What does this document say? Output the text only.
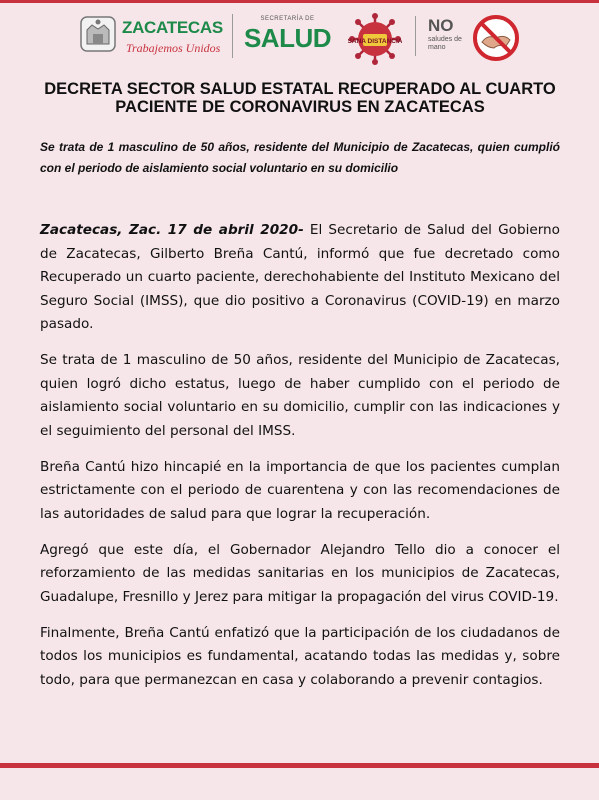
ZACATECAS
Trabajemos Unidos
SECRETARÍA DE
SALUD	SANA DISTANCIA
NO
saludes de mano
DECRETA SECTOR SALUD ESTATAL RECUPERADO AL CUARTO PACIENTE DE CORONAVIRUS EN ZACATECAS
Se trata de 1 masculino de 50 años, residente del Municipio de Zacatecas, quien cumplió con el periodo de aislamiento social voluntario en su domicilio

Zacatecas, Zac. 17 de abril 2020- El Secretario de Salud del Gobierno de Zacatecas, Gilberto Breña Cantú, informó que fue decretado como Recuperado un cuarto paciente, derechohabiente del Instituto Mexicano del Seguro Social (IMSS), que dio positivo a Coronavirus (COVID-19) en marzo pasado.

Se trata de 1 masculino de 50 años, residente del Municipio de Zacatecas, quien logró dicho estatus, luego de haber cumplido con el periodo de aislamiento social voluntario en su domicilio, cumplir con las indicaciones y el seguimiento del personal del IMSS.

Breña Cantú hizo hincapié en la importancia de que los pacientes cumplan estrictamente con el periodo de cuarentena y con las recomendaciones de las autoridades de salud para que lograr la recuperación.

Agregó que este día, el Gobernador Alejandro Tello dio a conocer el reforzamiento de las medidas sanitarias en los municipios de Zacatecas, Guadalupe, Fresnillo y Jerez para mitigar la propagación del virus COVID-19.

Finalmente, Breña Cantú enfatizó que la participación de los ciudadanos de todos los municipios es fundamental, acatando todas las medidas y, sobre todo, para que permanezcan en casa y colaborando a prevenir contagios.
